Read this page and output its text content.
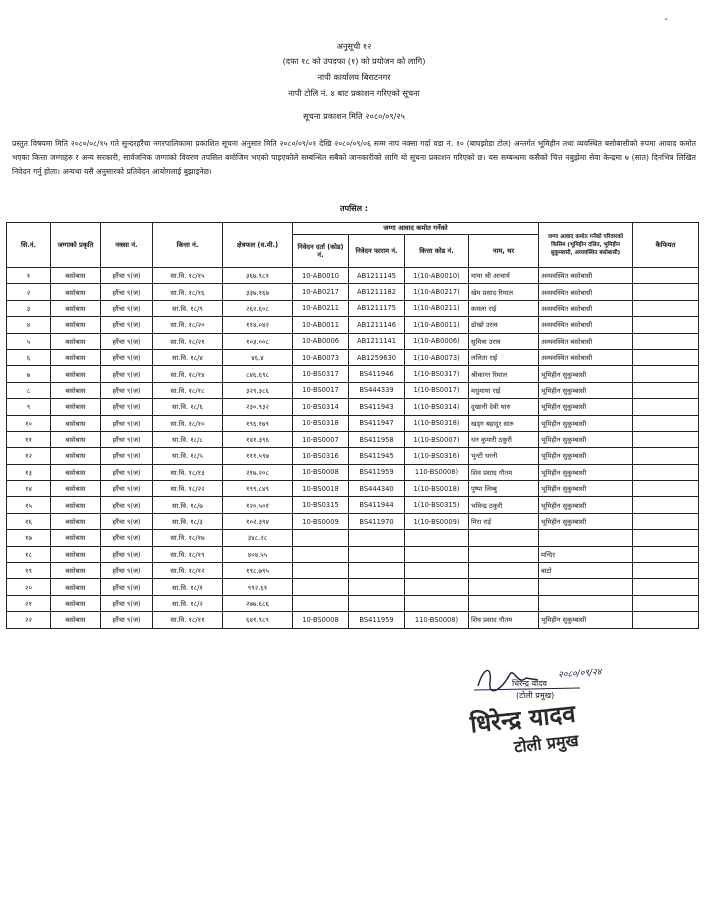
-
अनुसूची १२
(दफा १८ को उपदफा (१) को प्रयोजन को लागि)
नापी कार्यालय बिराटनगर
नापी टोलि नं. ४ बाट प्रकाशन गरिएको सूचना
सूचना प्रकाशन मिति २०८०/०९/२५
प्रस्तुत विषयमा मिति २०८०/०८/१५ गते सुन्दरहरैंचा नगरपालिकामा प्रकाशित सूचना अनुसार मिति २०८०/०९/०१ देखि २०८०/०९/०६ सम्म नाप नक्सा गर्दा वडा नं. १० (बाघझोडा टोल) अन्तर्गत भूमिहीन तथा व्यवस्थित बसोबासीको रुपमा आवाद कमोत भएका कित्ता जग्गाहरु र अन्य सरकारी, सार्वजनिक जग्गाको विवरण तपसिल बमोजिम भएको पाइएकोले सम्बन्धित सबैको जानकारीको लागि यो सूचना प्रकाशन गरिएको छ। यस सम्बन्धमा कसैको चित्त नबुझेमा सेवा केन्द्रमा ७ (सात) दिनभित्र लिखित निवेदन गर्नु होला। अन्यथा यसै अनुसारको प्रतिवेदन आयोगलाई बुझाइनेछ।
तपसिल :
सि.नं.	जग्गाको प्रकृति	नक्सा नं.	कित्ता नं.	क्षेत्रफल (व.मी.)	जग्गा आवाद कमोत गर्नेको				जग्गा आवाद कमोत गर्नेको परिवारको किसिम (भूमिहीन दलित, भूमिहीन सुकुम्बासी, अव्यवस्थित बसोबासी)	कैफियत
					निवेदन दर्ता (कोड) नं.	निवेदन फाराम नं.	कित्ता कोड नं.	नाम, थर		
१	बसोबास	हरैंचा ९(ज)	सा.वि. १८/१५	३६७.९८१	10-AB0010	AB1211145	1(10-AB0010)	माया श्री आचार्य	अव्यवस्थित बसोबासी	
२	बसोबास	हरैंचा ९(ज)	सा.वि. १८/१६	३३७.१६७	10-AB0217	AB1211182	1(10-AB0217)	खेम प्रसाद रिमाल	अव्यवस्थित बसोबासी	
३	बसोबास	हरैंचा ९(ज)	सा.वि. १८/९	२६२.६०८	10-AB0211	AB1211175	1(10-AB0211)	कमला राई	अव्यवस्थित बसोबासी	
४	बसोबास	हरैंचा ९(ज)	सा.वि. १८/२०	११४.०४२	10-AB0011	AB1211146	1(10-AB0011)	ढोखो उराव	अव्यवस्थित बसोबासी	
५	बसोबास	हरैंचा ९(ज)	सा.वि. १८/२१	१०३.००८	10-AB0006	AB1211141	1(10-AB0006)	सुमित्रा उराव	अव्यवस्थित बसोबासी	
६	बसोबास	हरैंचा ९(ज)	सा.वि. १८/४	४६.४	10-AB0073	AB1259630	1(10-AB0073)	ललिता राई	अव्यवस्थित बसोबासी	
७	बसोबास	हरैंचा ९(ज)	सा.वि. १८/१४	८४६.६९८	10-BS0317	BS411946	1(10-BS0317)	श्रीकान्त रिमाल	भूमिहीन सुकुम्बासी	
८	बसोबास	हरैंचा ९(ज)	सा.वि. १८/१८	३२९.३८६	10-BS0017	BS444339	1(10-BS0017)	मधुमाया राई	भूमिहीन सुकुम्बासी	
९	बसोबास	हरैंचा ९(ज)	सा.वि. १८/६	२३०.९३२	10-BS0314	BS411943	1(10-BS0314)	दुखानी देवी थारु	भूमिहीन सुकुम्बासी	
१०	बसोबास	हरैंचा ९(ज)	सा.वि. १८/१०	१९६.१७९	10-BS0318	BS411947	1(10-BS0318)	खड्ग बहादुर सारु	भूमिहीन सुकुम्बासी	
११	बसोबास	हरैंचा ९(ज)	सा.वि. १८/८	१४१.३९६	10-BS0007	BS411958	1(10-BS0007)	धन कुमारी ठकुरी	भूमिहीन सुकुम्बासी	
१२	बसोबास	हरैंचा ९(ज)	सा.वि. १८/५	१११.५९७	10-BS0316	BS411945	1(10-BS0316)	भुन्टी धरनी	भूमिहीन सुकुम्बासी	
१३	बसोबास	हरैंचा ९(ज)	सा.वि. १८/१३	२१७.२०८	10-BS0008	BS411959	110-BS0008)	शिव प्रसाद गौतम	भूमिहीन सुकुम्बासी	
१४	बसोबास	हरैंचा ९(ज)	सा.वि. १८/२२	१९९.८४९	10-BS0018	BS444340	1(10-BS0018)	पुष्पा लिम्बु	भूमिहीन सुकुम्बासी	
१५	बसोबास	हरैंचा ९(ज)	सा.वि. १८/७	१२०.५०१	10-BS0315	BS411944	1(10-BS0315)	भविन्द्र ठकुरी	भूमिहीन सुकुम्बासी	
१६	बसोबास	हरैंचा ९(ज)	सा.वि. १८/३	१०२.३९४	10-BS0009	BS411970	1(10-BS0009)	मिरा राई	भूमिहीन सुकुम्बासी	
१७	बसोबास	हरैंचा ९(ज)	सा.वि. १८/१७	३४८.२८						
१८	बसोबास	हरैंचा ९(ज)	सा.वि. १८/१९	४०४.५५					मन्दिर	
१९	बसोबास	हरैंचा ९(ज)	सा.वि. १८/१२	१९८.७९५					बाटो	
२०	बसोबास	हरैंचा ९(ज)	सा.वि. १८/१	९९२.६१						
२१	बसोबास	हरैंचा ९(ज)	सा.वि. १८/२	२७७.६८६						
२२	बसोबास	हरैंचा ९(ज)	सा.वि. १८/११	६४१.९८९	10-BS0008	BS411959	110-BS0008)	शिव प्रसाद गौतम	भूमिहीन सुकुम्बासी	
२०८०/०९/२४
धिरेन्द्र यादव
(टोली प्रमुख)
धिरेन्द्र यादव
टोली प्रमुख
